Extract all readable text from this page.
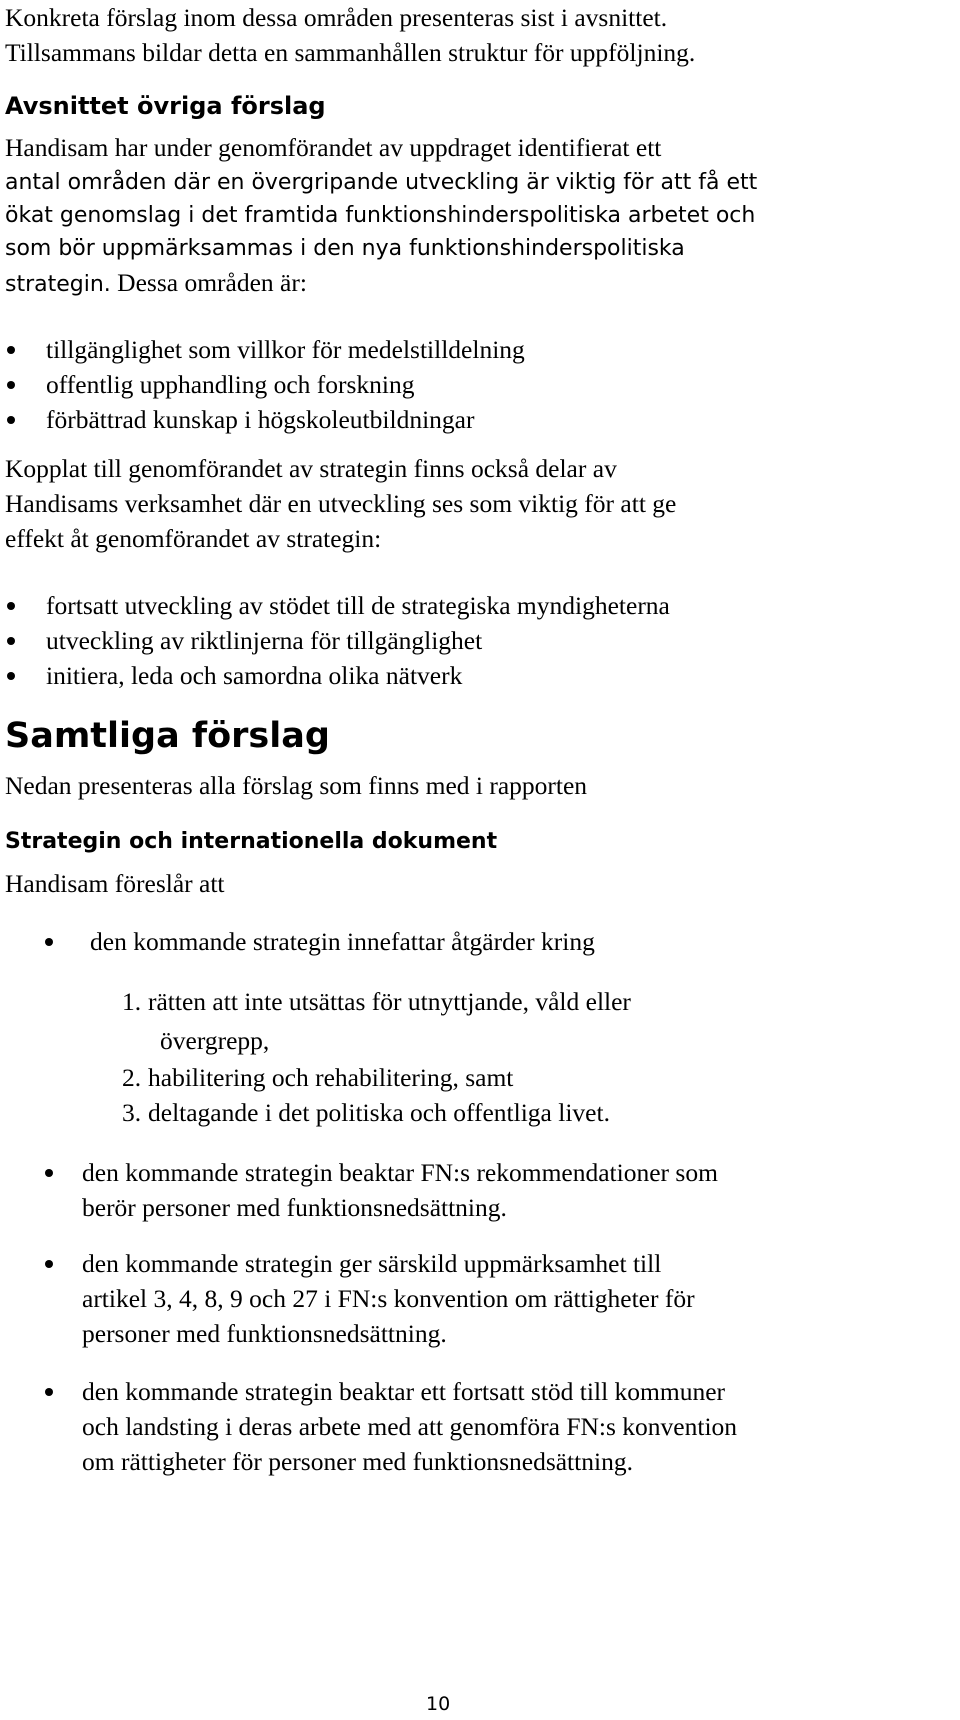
Konkreta förslag inom dessa områden presenteras sist i avsnittet.
Tillsammans bildar detta en sammanhållen struktur för uppföljning.
Avsnittet övriga förslag
Handisam har under genomförandet av uppdraget identifierat ett
antal områden där en övergripande utveckling är viktig för att få ett
ökat genomslag i det framtida funktionshinderspolitiska arbetet och
som bör uppmärksammas i den nya funktionshinderspolitiska
strategin. Dessa områden är:
tillgänglighet som villkor för medelstilldelning
offentlig upphandling och forskning
förbättrad kunskap i högskoleutbildningar
Kopplat till genomförandet av strategin finns också delar av
Handisams verksamhet där en utveckling ses som viktig för att ge
effekt åt genomförandet av strategin:
fortsatt utveckling av stödet till de strategiska myndigheterna
utveckling av riktlinjerna för tillgänglighet
initiera, leda och samordna olika nätverk
Samtliga förslag
Nedan presenteras alla förslag som finns med i rapporten
Strategin och internationella dokument
Handisam föreslår att
den kommande strategin innefattar åtgärder kring
1. rätten att inte utsättas för utnyttjande, våld eller
övergrepp,
2. habilitering och rehabilitering, samt
3. deltagande i det politiska och offentliga livet.
den kommande strategin beaktar FN:s rekommendationer som
berör personer med funktionsnedsättning.
den kommande strategin ger särskild uppmärksamhet till
artikel 3, 4, 8, 9 och 27 i FN:s konvention om rättigheter för
personer med funktionsnedsättning.
den kommande strategin beaktar ett fortsatt stöd till kommuner
och landsting i deras arbete med att genomföra FN:s konvention
om rättigheter för personer med funktionsnedsättning.
10
